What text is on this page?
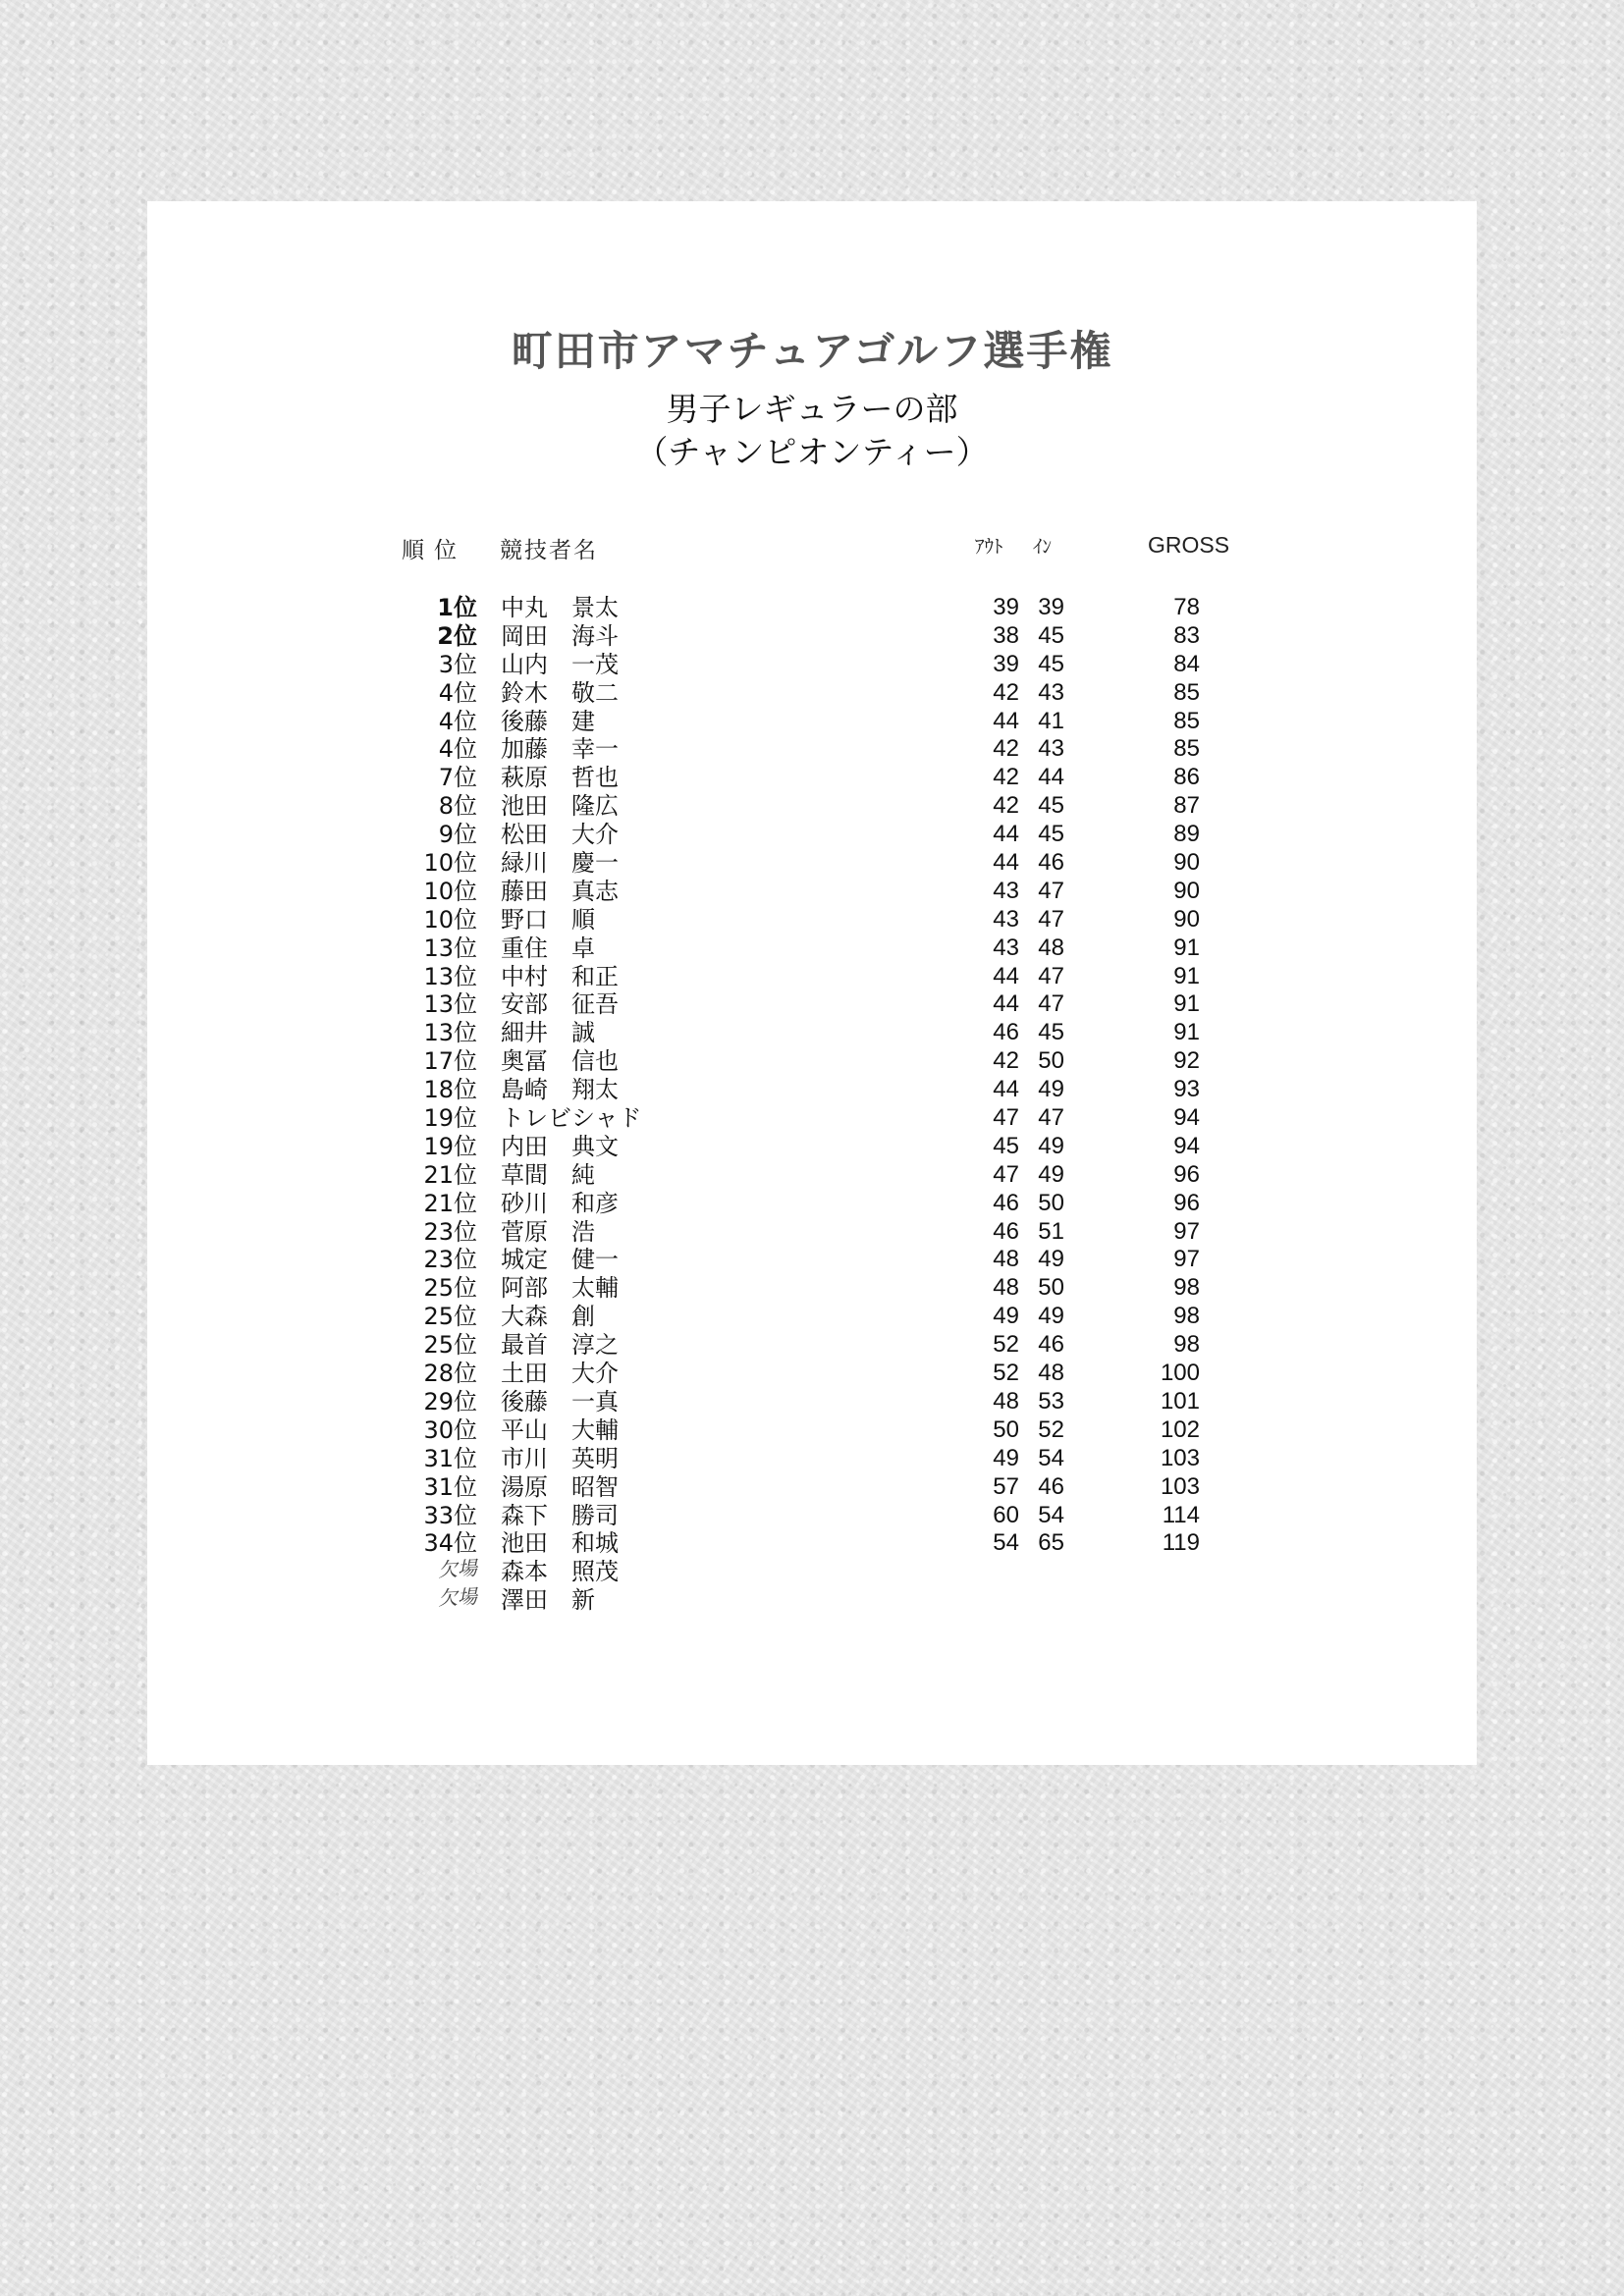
町田市アマチュアゴルフ選手権
男子レギュラーの部
（チャンピオンティー）
順位 競技者名	ｱｳﾄ ｲﾝ	GROSS
1位 中丸 景太	39 39	78
2位 岡田 海斗	38 45	83
3位 山内 一茂	39 45	84
4位 鈴木 敬二	42 43	85
4位 後藤 建	44 41	85
4位 加藤 幸一	42 43	85
7位 萩原 哲也	42 44	86
8位 池田 隆広	42 45	87
9位 松田 大介	44 45	89
10位 緑川 慶一	44 46	90
10位 藤田 真志	43 47	90
10位 野口 順	43 47	90
13位 重住 卓	43 48	91
13位 中村 和正	44 47	91
13位 安部 征吾	44 47	91
13位 細井 誠	46 45	91
17位 奥冨 信也	42 50	92
18位 島崎 翔太	44 49	93
19位 トレビ シャド	47 47	94
19位 内田 典文	45 49	94
21位 草間 純	47 49	96
21位 砂川 和彦	46 50	96
23位 菅原 浩	46 51	97
23位 城定 健一	48 49	97
25位 阿部 太輔	48 50	98
25位 大森 創	49 49	98
25位 最首 淳之	52 46	98
28位 土田 大介	52 48	100
29位 後藤 一真	48 53	101
30位 平山 大輔	50 52	102
31位 市川 英明	49 54	103
31位 湯原 昭智	57 46	103
33位 森下 勝司	60 54	114
34位 池田 和城	54 65	119
欠場 森本 照茂
欠場 澤田 新
